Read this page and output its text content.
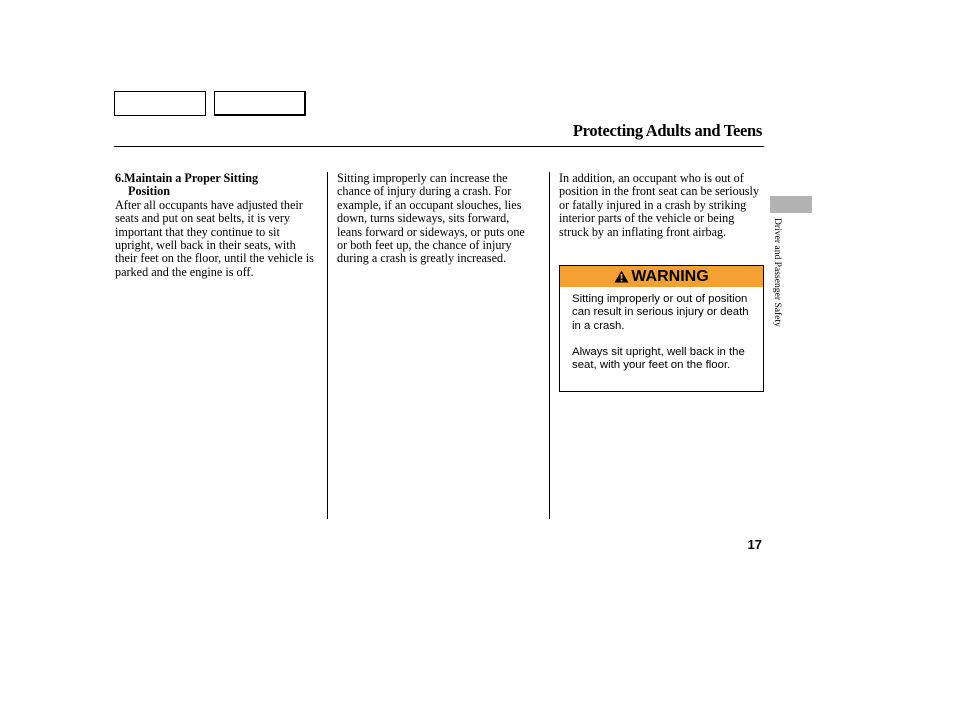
Protecting Adults and Teens
6.Maintain a Proper Sitting
Position

After all occupants have adjusted their seats and put on seat belts, it is very important that they continue to sit upright, well back in their seats, with their feet on the floor, until the vehicle is parked and the engine is off.

Sitting improperly can increase the chance of injury during a crash. For example, if an occupant slouches, lies down, turns sideways, sits forward, leans forward or sideways, or puts one or both feet up, the chance of injury during a crash is greatly increased.

In addition, an occupant who is out of position in the front seat can be seriously or fatally injured in a crash by striking interior parts of the vehicle or being struck by an inflating front airbag.

WARNING

Sitting improperly or out of position can result in serious injury or death in a crash.

Always sit upright, well back in the seat, with your feet on the floor.

Driver and Passenger Safety
17
